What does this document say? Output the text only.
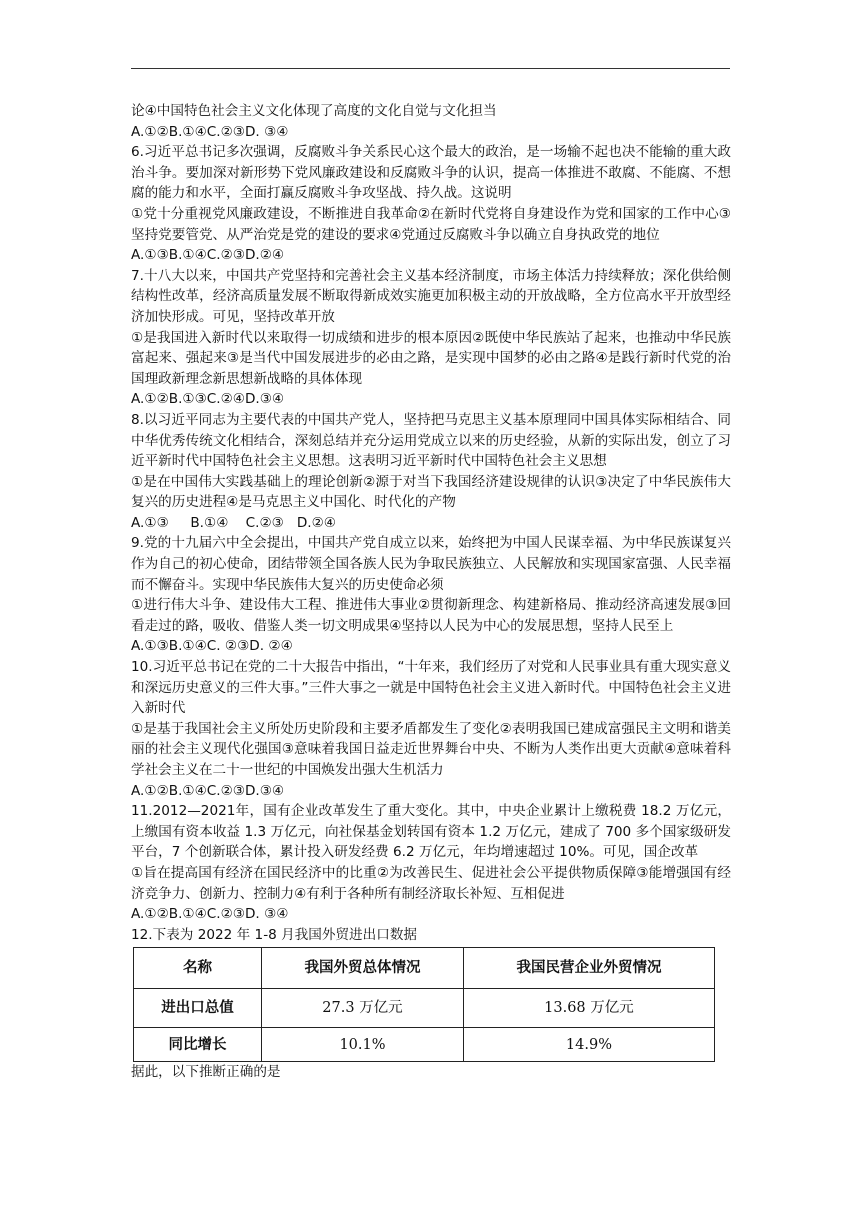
论④中国特色社会主义文化体现了高度的文化自觉与文化担当

A.①②B.①④C.②③D. ③④

6.习近平总书记多次强调，反腐败斗争关系民心这个最大的政治，是一场输不起也决不能输的重大政治斗争。要加深对新形势下党风廉政建设和反腐败斗争的认识，提高一体推进不敢腐、不能腐、不想腐的能力和水平，全面打赢反腐败斗争攻坚战、持久战。这说明

①党十分重视党风廉政建设，不断推进自我革命②在新时代党将自身建设作为党和国家的工作中心③坚持党要管党、从严治党是党的建设的要求④党通过反腐败斗争以确立自身执政党的地位

A.①③B.①④C.②③D.②④

7.十八大以来，中国共产党坚持和完善社会主义基本经济制度，市场主体活力持续释放；深化供给侧结构性改革，经济高质量发展不断取得新成效实施更加积极主动的开放战略，全方位高水平开放型经济加快形成。可见，坚持改革开放

①是我国进入新时代以来取得一切成绩和进步的根本原因②既使中华民族站了起来，也推动中华民族富起来、强起来③是当代中国发展进步的必由之路，是实现中国梦的必由之路④是践行新时代党的治国理政新理念新思想新战略的具体体现

A.①②B.①③C.②④D.③④

8.以习近平同志为主要代表的中国共产党人，坚持把马克思主义基本原理同中国具体实际相结合、同中华优秀传统文化相结合，深刻总结并充分运用党成立以来的历史经验，从新的实际出发，创立了习近平新时代中国特色社会主义思想。这表明习近平新时代中国特色社会主义思想

①是在中国伟大实践基础上的理论创新②源于对当下我国经济建设规律的认识③决定了中华民族伟大复兴的历史进程④是马克思主义中国化、时代化的产物

A.①③     B.①④    C.②③   D.②④

9.党的十九届六中全会提出，中国共产党自成立以来，始终把为中国人民谋幸福、为中华民族谋复兴作为自己的初心使命，团结带领全国各族人民为争取民族独立、人民解放和实现国家富强、人民幸福而不懈奋斗。实现中华民族伟大复兴的历史使命必须

①进行伟大斗争、建设伟大工程、推进伟大事业②贯彻新理念、构建新格局、推动经济高速发展③回看走过的路，吸收、借鉴人类一切文明成果④坚持以人民为中心的发展思想，坚持人民至上

A.①③B.①④C. ②③D. ②④

10.习近平总书记在党的二十大报告中指出，“十年来，我们经历了对党和人民事业具有重大现实意义和深远历史意义的三件大事。”三件大事之一就是中国特色社会主义进入新时代。中国特色社会主义进入新时代

①是基于我国社会主义所处历史阶段和主要矛盾都发生了变化②表明我国已建成富强民主文明和谐美丽的社会主义现代化强国③意味着我国日益走近世界舞台中央、不断为人类作出更大贡献④意味着科学社会主义在二十一世纪的中国焕发出强大生机活力

A.①②B.①④C.②③D.③④

11.2012—2021年，国有企业改革发生了重大变化。其中，中央企业累计上缴税费 18.2 万亿元，上缴国有资本收益 1.3 万亿元，向社保基金划转国有资本 1.2 万亿元，建成了 700 多个国家级研发平台，7 个创新联合体，累计投入研发经费 6.2 万亿元，年均增速超过 10%。可见，国企改革

①旨在提高国有经济在国民经济中的比重②为改善民生、促进社会公平提供物质保障③能增强国有经济竞争力、创新力、控制力④有利于各种所有制经济取长补短、互相促进

A.①②B.①④C.②③D. ③④

12.下表为 2022 年 1-8 月我国外贸进出口数据

名称	我国外贸总体情况	我国民营企业外贸情况
进出口总值	27.3 万亿元	13.68 万亿元
同比增长	10.1%	14.9%

据此，以下推断正确的是
